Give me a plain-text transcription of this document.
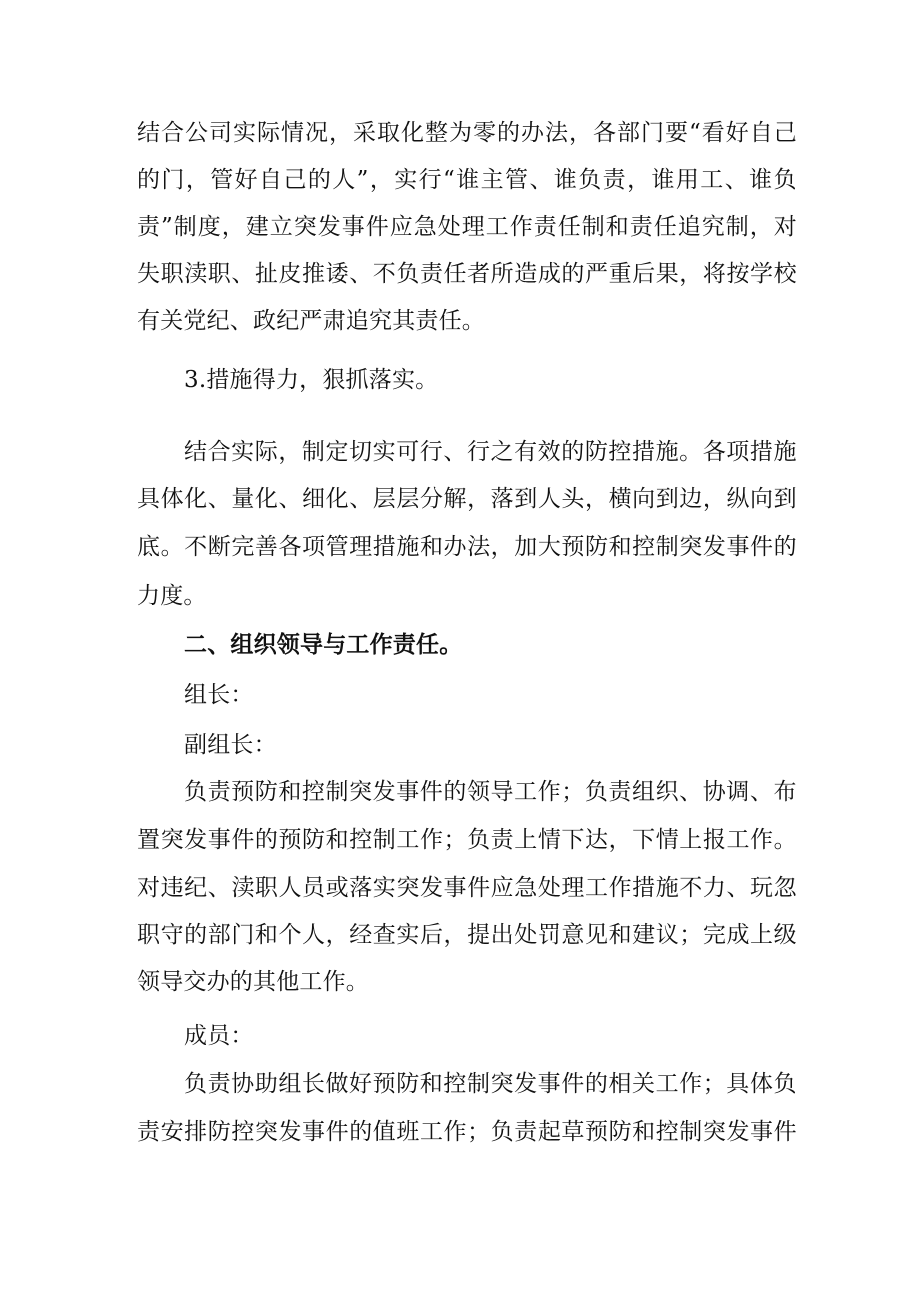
结 合 公 司 实 际 情 况 ， 采 取 化 整 为 零 的 办 法 ， 各 部 门 要 “ 看 好 自 己
的 门 ， 管 好 自 己 的 人 ” ， 实 行 “ 谁 主 管 、 谁 负 责 ， 谁 用 工 、 谁 负
责 ” 制 度 ， 建 立 突 发 事 件 应 急 处 理 工 作 责 任 制 和 责 任 追 究 制 ， 对
失 职 渎 职 、 扯 皮 推 诿 、 不 负 责 任 者 所 造 成 的 严 重 后 果 ， 将 按 学 校
有关党纪、政纪严肃追究其责任。
3.措施得力，狠抓落实。
结 合 实 际 ， 制 定 切 实 可 行 、 行 之 有 效 的 防 控 措 施 。 各 项 措 施
具 体 化 、 量 化 、 细 化 、 层 层 分 解 ， 落 到 人 头 ， 横 向 到 边 ， 纵 向 到
底 。 不 断 完 善 各 项 管 理 措 施 和 办 法 ， 加 大 预 防 和 控 制 突 发 事 件 的
力度。
二、组织领导与工作责任。
组长：
副组长：
负 责 预 防 和 控 制 突 发 事 件 的 领 导 工 作 ； 负 责 组 织 、 协 调 、 布
置 突 发 事 件 的 预 防 和 控 制 工 作 ； 负 责 上 情 下 达 ， 下 情 上 报 工 作 。
对 违 纪 、 渎 职 人 员 或 落 实 突 发 事 件 应 急 处 理 工 作 措 施 不 力 、 玩 忽
职 守 的 部 门 和 个 人 ， 经 查 实 后 ， 提 出 处 罚 意 见 和 建 议 ； 完 成 上 级
领导交办的其他工作。
成员：
负 责 协 助 组 长 做 好 预 防 和 控 制 突 发 事 件 的 相 关 工 作 ； 具 体 负
责 安 排 防 控 突 发 事 件 的 值 班 工 作 ； 负 责 起 草 预 防 和 控 制 突 发 事 件
